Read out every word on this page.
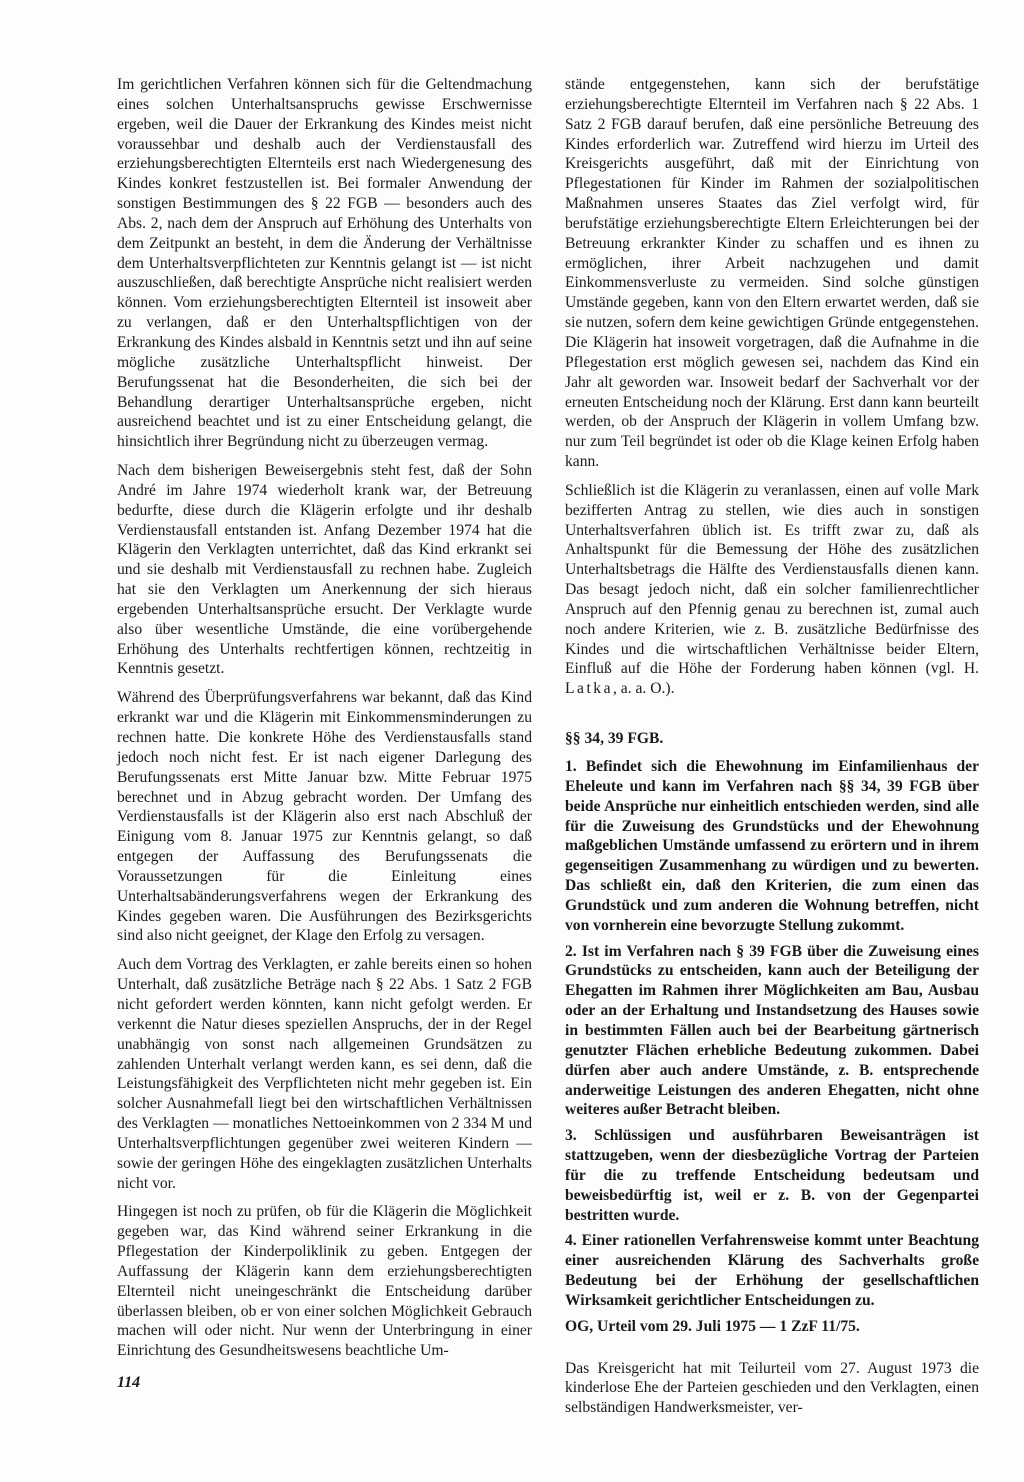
Im gerichtlichen Verfahren können sich für die Geltendmachung eines solchen Unterhaltsanspruchs gewisse Erschwernisse ergeben, weil die Dauer der Erkrankung des Kindes meist nicht voraussehbar und deshalb auch der Verdienstausfall des erziehungsberechtigten Elternteils erst nach Wiedergenesung des Kindes konkret festzustellen ist. Bei formaler Anwendung der sonstigen Bestimmungen des § 22 FGB — besonders auch des Abs. 2, nach dem der Anspruch auf Erhöhung des Unterhalts von dem Zeitpunkt an besteht, in dem die Änderung der Verhältnisse dem Unterhaltsverpflichteten zur Kenntnis gelangt ist — ist nicht auszuschließen, daß berechtigte Ansprüche nicht realisiert werden können. Vom erziehungsberechtigten Elternteil ist insoweit aber zu verlangen, daß er den Unterhaltspflichtigen von der Erkrankung des Kindes alsbald in Kenntnis setzt und ihn auf seine mögliche zusätzliche Unterhaltspflicht hinweist. Der Berufungssenat hat die Besonderheiten, die sich bei der Behandlung derartiger Unterhaltsansprüche ergeben, nicht ausreichend beachtet und ist zu einer Entscheidung gelangt, die hinsichtlich ihrer Begründung nicht zu überzeugen vermag.

Nach dem bisherigen Beweisergebnis steht fest, daß der Sohn André im Jahre 1974 wiederholt krank war, der Betreuung bedurfte, diese durch die Klägerin erfolgte und ihr deshalb Verdienstausfall entstanden ist. Anfang Dezember 1974 hat die Klägerin den Verklagten unterrichtet, daß das Kind erkrankt sei und sie deshalb mit Verdienstausfall zu rechnen habe. Zugleich hat sie den Verklagten um Anerkennung der sich hieraus ergebenden Unterhaltsansprüche ersucht. Der Verklagte wurde also über wesentliche Umstände, die eine vorübergehende Erhöhung des Unterhalts rechtfertigen können, rechtzeitig in Kenntnis gesetzt.

Während des Überprüfungsverfahrens war bekannt, daß das Kind erkrankt war und die Klägerin mit Einkommensminderungen zu rechnen hatte. Die konkrete Höhe des Verdienstausfalls stand jedoch noch nicht fest. Er ist nach eigener Darlegung des Berufungssenats erst Mitte Januar bzw. Mitte Februar 1975 berechnet und in Abzug gebracht worden. Der Umfang des Verdienstausfalls ist der Klägerin also erst nach Abschluß der Einigung vom 8. Januar 1975 zur Kenntnis gelangt, so daß entgegen der Auffassung des Berufungssenats die Voraussetzungen für die Einleitung eines Unterhaltsabänderungsverfahrens wegen der Erkrankung des Kindes gegeben waren. Die Ausführungen des Bezirksgerichts sind also nicht geeignet, der Klage den Erfolg zu versagen.

Auch dem Vortrag des Verklagten, er zahle bereits einen so hohen Unterhalt, daß zusätzliche Beträge nach § 22 Abs. 1 Satz 2 FGB nicht gefordert werden könnten, kann nicht gefolgt werden. Er verkennt die Natur dieses speziellen Anspruchs, der in der Regel unabhängig von sonst nach allgemeinen Grundsätzen zu zahlenden Unterhalt verlangt werden kann, es sei denn, daß die Leistungsfähigkeit des Verpflichteten nicht mehr gegeben ist. Ein solcher Ausnahmefall liegt bei den wirtschaftlichen Verhältnissen des Verklagten — monatliches Nettoeinkommen von 2 334 M und Unterhaltsverpflichtungen gegenüber zwei weiteren Kindern — sowie der geringen Höhe des eingeklagten zusätzlichen Unterhalts nicht vor.

Hingegen ist noch zu prüfen, ob für die Klägerin die Möglichkeit gegeben war, das Kind während seiner Erkrankung in die Pflegestation der Kinderpoliklinik zu geben. Entgegen der Auffassung der Klägerin kann dem erziehungsberechtigten Elternteil nicht uneingeschränkt die Entscheidung darüber überlassen bleiben, ob er von einer solchen Möglichkeit Gebrauch machen will oder nicht. Nur wenn der Unterbringung in einer Einrichtung des Gesundheitswesens beachtliche Um-

stände entgegenstehen, kann sich der berufstätige erziehungsberechtigte Elternteil im Verfahren nach § 22 Abs. 1 Satz 2 FGB darauf berufen, daß eine persönliche Betreuung des Kindes erforderlich war. Zutreffend wird hierzu im Urteil des Kreisgerichts ausgeführt, daß mit der Einrichtung von Pflegestationen für Kinder im Rahmen der sozialpolitischen Maßnahmen unseres Staates das Ziel verfolgt wird, für berufstätige erziehungsberechtigte Eltern Erleichterungen bei der Betreuung erkrankter Kinder zu schaffen und es ihnen zu ermöglichen, ihrer Arbeit nachzugehen und damit Einkommensverluste zu vermeiden. Sind solche günstigen Umstände gegeben, kann von den Eltern erwartet werden, daß sie sie nutzen, sofern dem keine gewichtigen Gründe entgegenstehen. Die Klägerin hat insoweit vorgetragen, daß die Aufnahme in die Pflegestation erst möglich gewesen sei, nachdem das Kind ein Jahr alt geworden war. Insoweit bedarf der Sachverhalt vor der erneuten Entscheidung noch der Klärung. Erst dann kann beurteilt werden, ob der Anspruch der Klägerin in vollem Umfang bzw. nur zum Teil begründet ist oder ob die Klage keinen Erfolg haben kann.

Schließlich ist die Klägerin zu veranlassen, einen auf volle Mark bezifferten Antrag zu stellen, wie dies auch in sonstigen Unterhaltsverfahren üblich ist. Es trifft zwar zu, daß als Anhaltspunkt für die Bemessung der Höhe des zusätzlichen Unterhaltsbetrags die Hälfte des Verdienstausfalls dienen kann. Das besagt jedoch nicht, daß ein solcher familienrechtlicher Anspruch auf den Pfennig genau zu berechnen ist, zumal auch noch andere Kriterien, wie z. B. zusätzliche Bedürfnisse des Kindes und die wirtschaftlichen Verhältnisse beider Eltern, Einfluß auf die Höhe der Forderung haben können (vgl. H. Latka, a. a. O.).

§§ 34, 39 FGB.

1. Befindet sich die Ehewohnung im Einfamilienhaus der Eheleute und kann im Verfahren nach §§ 34, 39 FGB über beide Ansprüche nur einheitlich entschieden werden, sind alle für die Zuweisung des Grundstücks und der Ehewohnung maßgeblichen Umstände umfassend zu erörtern und in ihrem gegenseitigen Zusammenhang zu würdigen und zu bewerten. Das schließt ein, daß den Kriterien, die zum einen das Grundstück und zum anderen die Wohnung betreffen, nicht von vornherein eine bevorzugte Stellung zukommt.

2. Ist im Verfahren nach § 39 FGB über die Zuweisung eines Grundstücks zu entscheiden, kann auch der Beteiligung der Ehegatten im Rahmen ihrer Möglichkeiten am Bau, Ausbau oder an der Erhaltung und Instandsetzung des Hauses sowie in bestimmten Fällen auch bei der Bearbeitung gärtnerisch genutzter Flächen erhebliche Bedeutung zukommen. Dabei dürfen aber auch andere Umstände, z. B. entsprechende anderweitige Leistungen des anderen Ehegatten, nicht ohne weiteres außer Betracht bleiben.

3. Schlüssigen und ausführbaren Beweisanträgen ist stattzugeben, wenn der diesbezügliche Vortrag der Parteien für die zu treffende Entscheidung bedeutsam und beweisbedürftig ist, weil er z. B. von der Gegenpartei bestritten wurde.

4. Einer rationellen Verfahrensweise kommt unter Beachtung einer ausreichenden Klärung des Sachverhalts große Bedeutung bei der Erhöhung der gesellschaftlichen Wirksamkeit gerichtlicher Entscheidungen zu.

OG, Urteil vom 29. Juli 1975 — 1 ZzF 11/75.

Das Kreisgericht hat mit Teilurteil vom 27. August 1973 die kinderlose Ehe der Parteien geschieden und den Verklagten, einen selbständigen Handwerksmeister, ver-

114
